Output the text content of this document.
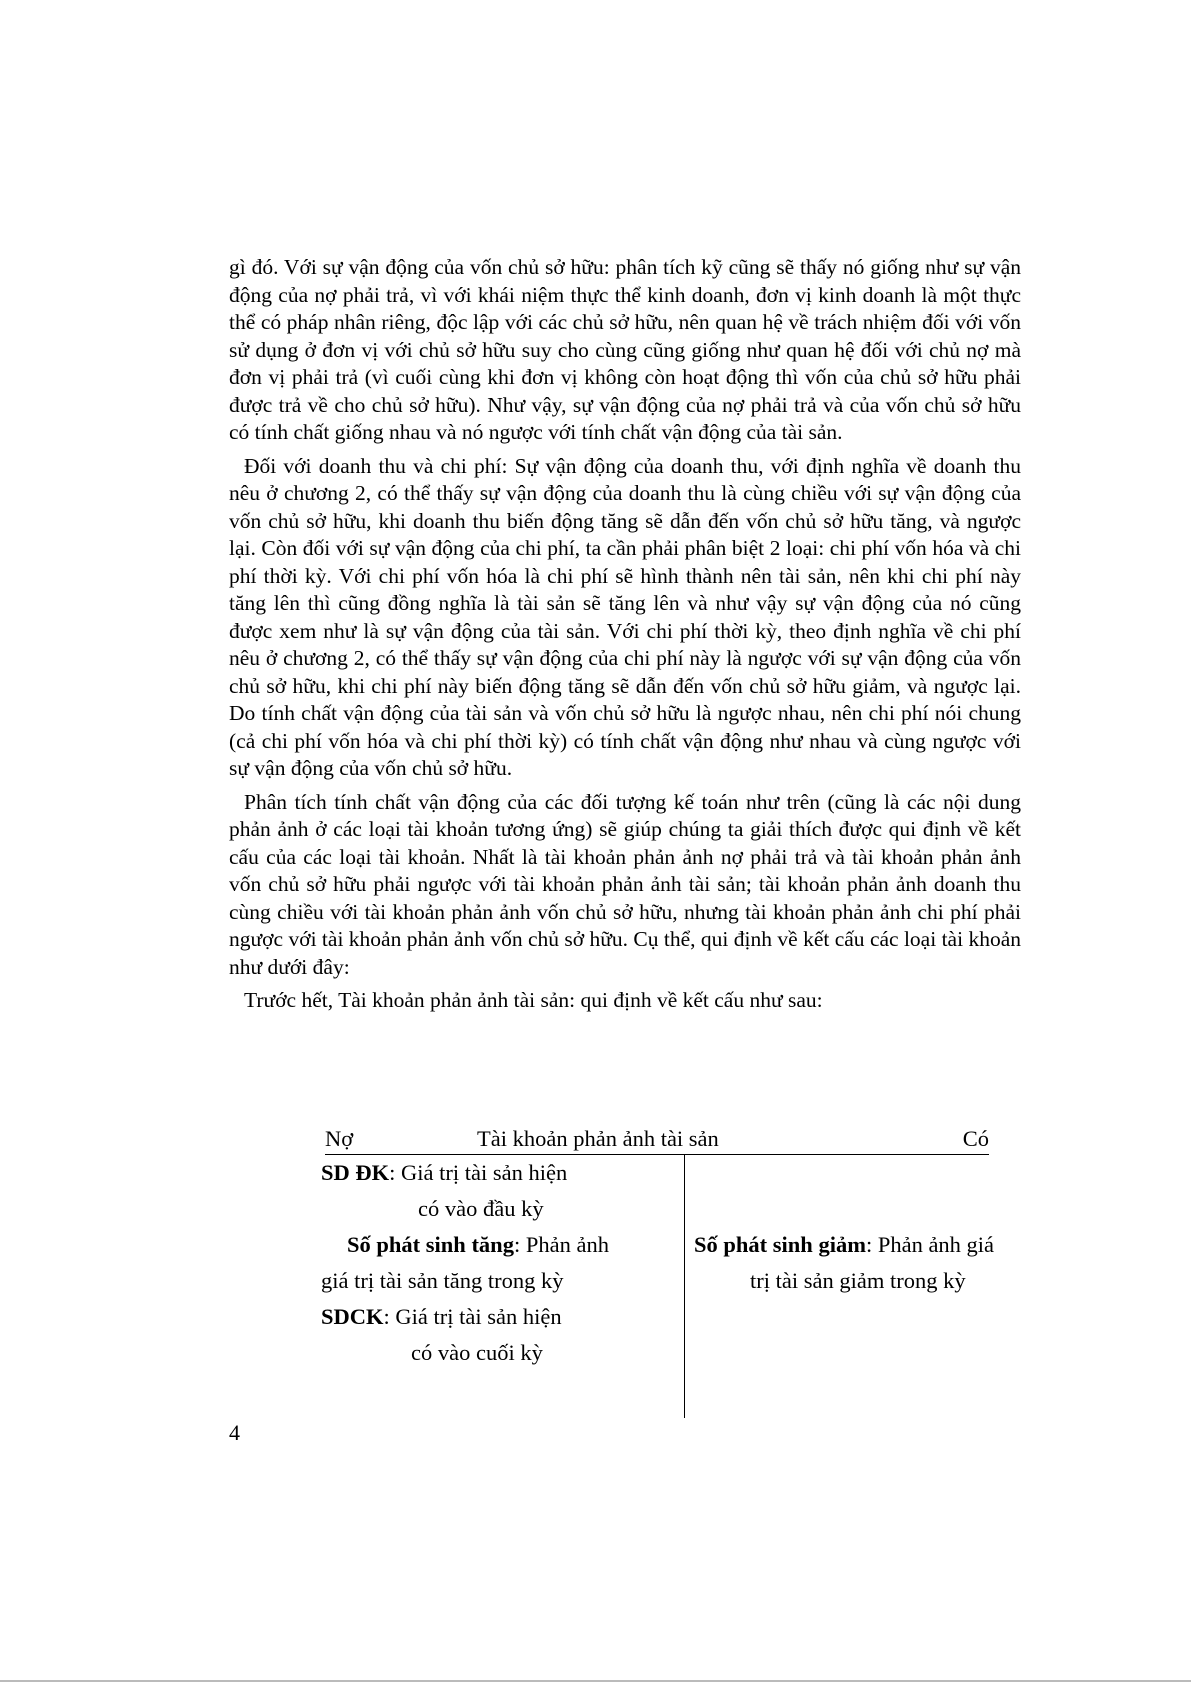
gì đó. Với sự vận động của vốn chủ sở hữu: phân tích kỹ cũng sẽ thấy nó giống như sự vận động của nợ phải trả, vì với khái niệm thực thể kinh doanh, đơn vị kinh doanh là một thực thể có pháp nhân riêng, độc lập với các chủ sở hữu, nên quan hệ về trách nhiệm đối với vốn sử dụng ở đơn vị với chủ sở hữu suy cho cùng cũng giống như quan hệ đối với chủ nợ mà đơn vị phải trả (vì cuối cùng khi đơn vị không còn hoạt động thì vốn của chủ sở hữu phải được trả về cho chủ sở hữu). Như vậy, sự vận động của nợ phải trả và của vốn chủ sở hữu có tính chất giống nhau và nó ngược với tính chất vận động của tài sản.

Đối với doanh thu và chi phí: Sự vận động của doanh thu, với định nghĩa về doanh thu nêu ở chương 2, có thể thấy sự vận động của doanh thu là cùng chiều với sự vận động của vốn chủ sở hữu, khi doanh thu biến động tăng sẽ dẫn đến vốn chủ sở hữu tăng, và ngược lại. Còn đối với sự vận động của chi phí, ta cần phải phân biệt 2 loại: chi phí vốn hóa và chi phí thời kỳ. Với chi phí vốn hóa là chi phí sẽ hình thành nên tài sản, nên khi chi phí này tăng lên thì cũng đồng nghĩa là tài sản sẽ tăng lên và như vậy sự vận động của nó cũng được xem như là sự vận động của tài sản. Với chi phí thời kỳ, theo định nghĩa về chi phí nêu ở chương 2, có thể thấy sự vận động của chi phí này là ngược với sự vận động của vốn chủ sở hữu, khi chi phí này biến động tăng sẽ dẫn đến vốn chủ sở hữu giảm, và ngược lại. Do tính chất vận động của tài sản và vốn chủ sở hữu là ngược nhau, nên chi phí nói chung (cả chi phí vốn hóa và chi phí thời kỳ) có tính chất vận động như nhau và cùng ngược với sự vận động của vốn chủ sở hữu.

Phân tích tính chất vận động của các đối tượng kế toán như trên (cũng là các nội dung phản ảnh ở các loại tài khoản tương ứng) sẽ giúp chúng ta giải thích được qui định về kết cấu của các loại tài khoản. Nhất là tài khoản phản ảnh nợ phải trả và tài khoản phản ảnh vốn chủ sở hữu phải ngược với tài khoản phản ảnh tài sản; tài khoản phản ảnh doanh thu cùng chiều với tài khoản phản ảnh vốn chủ sở hữu, nhưng tài khoản phản ảnh chi phí phải ngược với tài khoản phản ảnh vốn chủ sở hữu. Cụ thể, qui định về kết cấu các loại tài khoản như dưới đây:

Trước hết, Tài khoản phản ảnh tài sản: qui định về kết cấu như sau:

Nợ	Tài khoản phản ảnh tài sản	Có
SD ĐK: Giá trị tài sản hiện
có vào đầu kỳ
Số phát sinh tăng: Phản ảnh
giá trị tài sản tăng trong kỳ
SDCK: Giá trị tài sản hiện
có vào cuối kỳ
Số phát sinh giảm: Phản ảnh giá
trị tài sản giảm trong kỳ
4
